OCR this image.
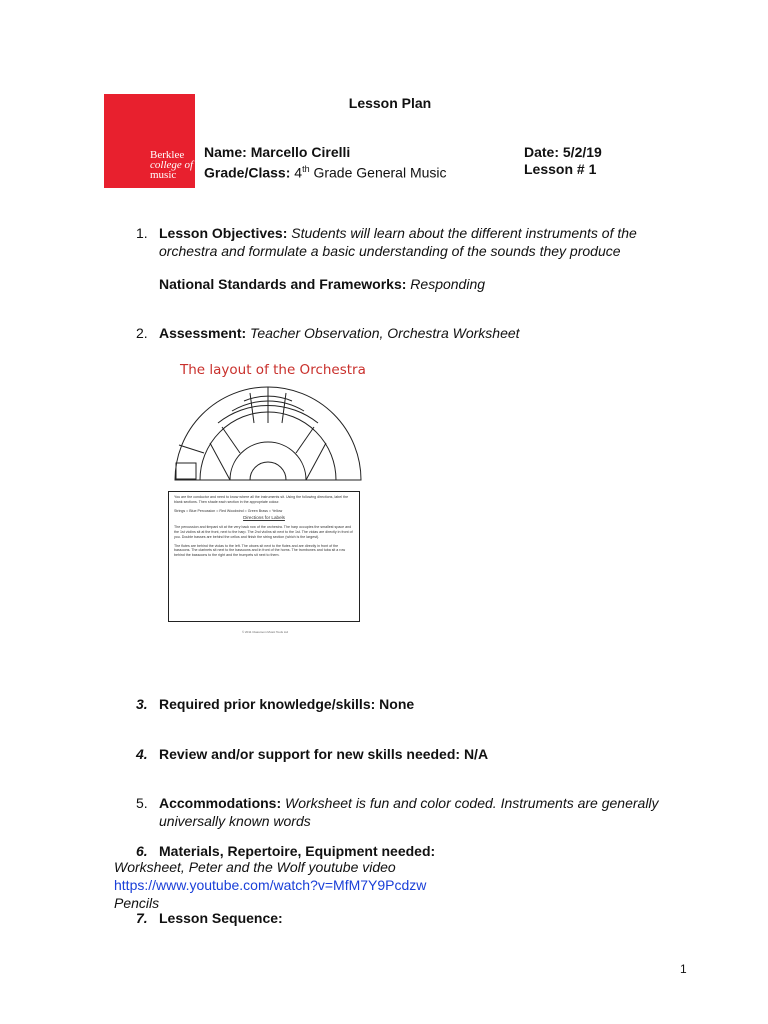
Berklee
college of
music
Lesson Plan
Name: Marcello Cirelli
Grade/Class: 4th Grade General Music
Date: 5/2/19
Lesson # 1
1. Lesson Objectives: Students will learn about the different instruments of the orchestra and formulate a basic understanding of the sounds they produce
National Standards and Frameworks: Responding
2. Assessment: Teacher Observation, Orchestra Worksheet
The layout of the Orchestra
You are the conductor and need to know where all the instruments sit. Using the following directions, label the blank sections. Then shade each section in the appropriate colour.
Strings = Blue Percussion = Red Woodwind = Green Brass = Yellow
Directions for Labels
The percussion and timpani sit at the very back row of the orchestra. The harp occupies the smallest space and the 1st violins sit at the front, next to the harp. The 2nd violins sit next to the 1st. The violas are directly in front of you. Double basses are behind the cellos and finish the string section (which is the largest).
The flutes are behind the violas to the left. The oboes sit next to the flutes and are directly in front of the bassoons. The clarinets sit next to the bassoons and in front of the horns. The trombones and tuba sit a row behind the bassoons to the right and the trumpets sit next to them.
© 2011 Classroom Music Tools Ltd
3. Required prior knowledge/skills: None
4. Review and/or support for new skills needed: N/A
5. Accommodations: Worksheet is fun and color coded. Instruments are generally universally known words
6. Materials, Repertoire, Equipment needed:
Worksheet, Peter and the Wolf youtube video
https://www.youtube.com/watch?v=MfM7Y9Pcdzw
Pencils
7. Lesson Sequence:
1
